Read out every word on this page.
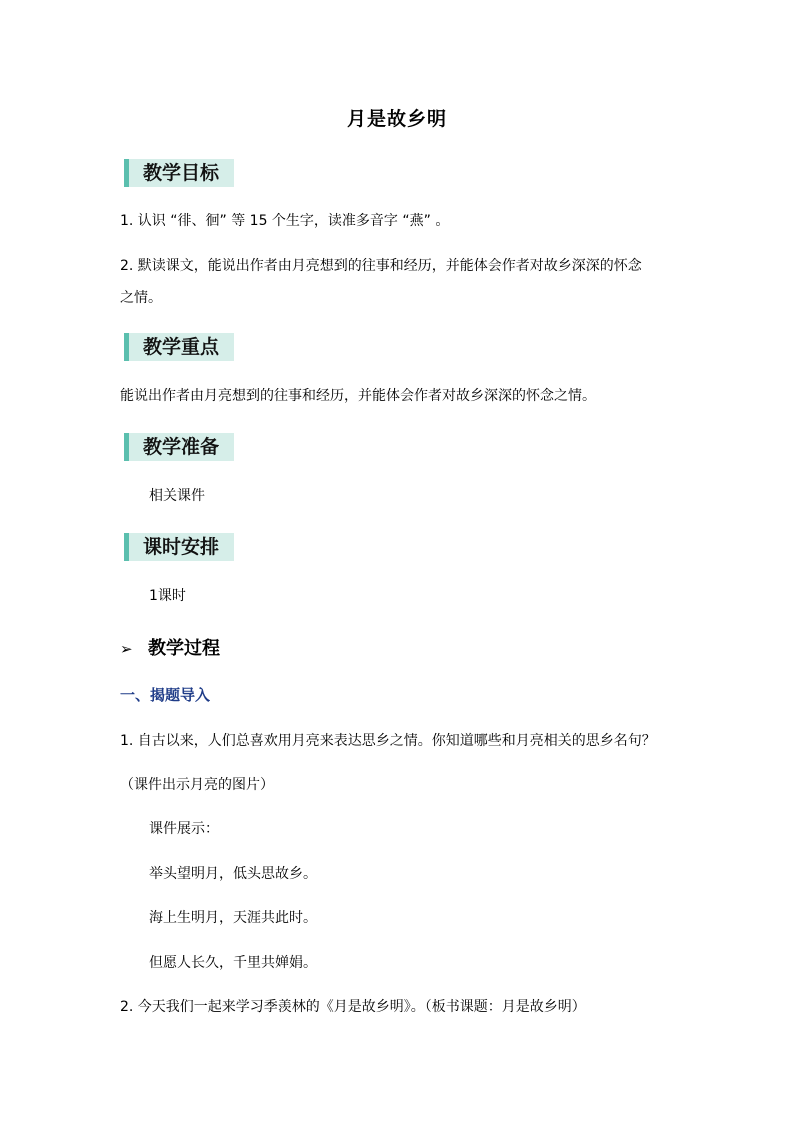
月是故乡明
教学目标
1. 认识 “徘、徊” 等 15 个生字，读准多音字 “燕” 。
2. 默读课文，能说出作者由月亮想到的往事和经历，并能体会作者对故乡深深的怀念
之情。
教学重点
能说出作者由月亮想到的往事和经历，并能体会作者对故乡深深的怀念之情。
教学准备
相关课件
课时安排
1课时
➢ 教学过程
一、揭题导入
1. 自古以来，人们总喜欢用月亮来表达思乡之情。你知道哪些和月亮相关的思乡名句？
（课件出示月亮的图片）
课件展示：
举头望明月，低头思故乡。
海上生明月，天涯共此时。
但愿人长久，千里共婵娟。
2. 今天我们一起来学习季羡林的《月是故乡明》。（板书课题：月是故乡明）
